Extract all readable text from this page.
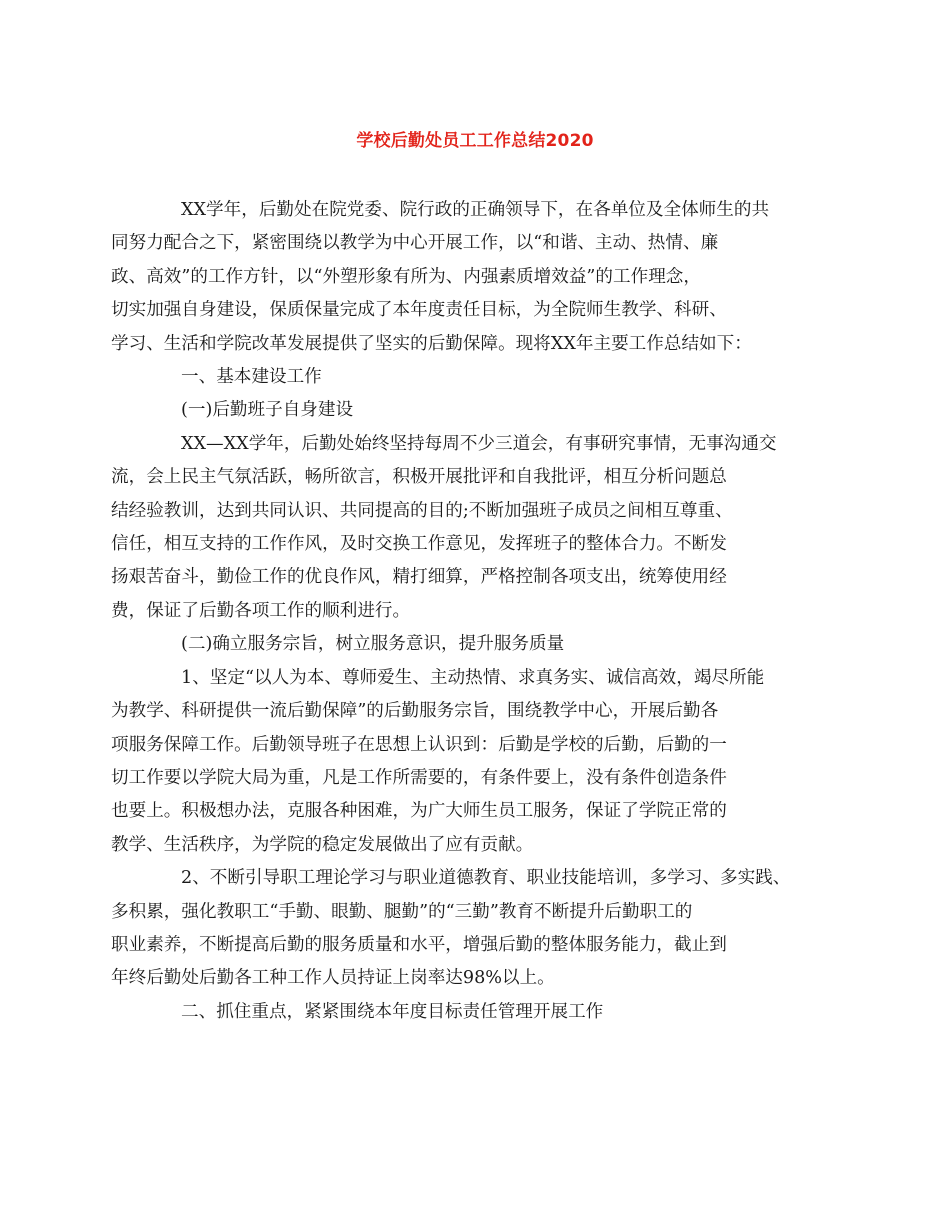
学校后勤处员工工作总结2020

XX学年，后勤处在院党委、院行政的正确领导下，在各单位及全体师生的共
同努力配合之下，紧密围绕以教学为中心开展工作，以“和谐、主动、热情、廉
政、高效”的工作方针，以“外塑形象有所为、内强素质增效益”的工作理念，
切实加强自身建设，保质保量完成了本年度责任目标，为全院师生教学、科研、
学习、生活和学院改革发展提供了坚实的后勤保障。现将XX年主要工作总结如下：

一、基本建设工作

(一)后勤班子自身建设

XX—XX学年，后勤处始终坚持每周不少三道会，有事研究事情，无事沟通交
流，会上民主气氛活跃，畅所欲言，积极开展批评和自我批评，相互分析问题总
结经验教训，达到共同认识、共同提高的目的;不断加强班子成员之间相互尊重、
信任，相互支持的工作作风，及时交换工作意见，发挥班子的整体合力。不断发
扬艰苦奋斗，勤俭工作的优良作风，精打细算，严格控制各项支出，统筹使用经
费，保证了后勤各项工作的顺利进行。

(二)确立服务宗旨，树立服务意识，提升服务质量

1、坚定“以人为本、尊师爱生、主动热情、求真务实、诚信高效，竭尽所能
为教学、科研提供一流后勤保障”的后勤服务宗旨，围绕教学中心，开展后勤各
项服务保障工作。后勤领导班子在思想上认识到：后勤是学校的后勤，后勤的一
切工作要以学院大局为重，凡是工作所需要的，有条件要上，没有条件创造条件
也要上。积极想办法，克服各种困难，为广大师生员工服务，保证了学院正常的
教学、生活秩序，为学院的稳定发展做出了应有贡献。

2、不断引导职工理论学习与职业道德教育、职业技能培训，多学习、多实践、
多积累，强化教职工“手勤、眼勤、腿勤”的“三勤”教育不断提升后勤职工的
职业素养，不断提高后勤的服务质量和水平，增强后勤的整体服务能力，截止到
年终后勤处后勤各工种工作人员持证上岗率达98%以上。

二、抓住重点，紧紧围绕本年度目标责任管理开展工作
